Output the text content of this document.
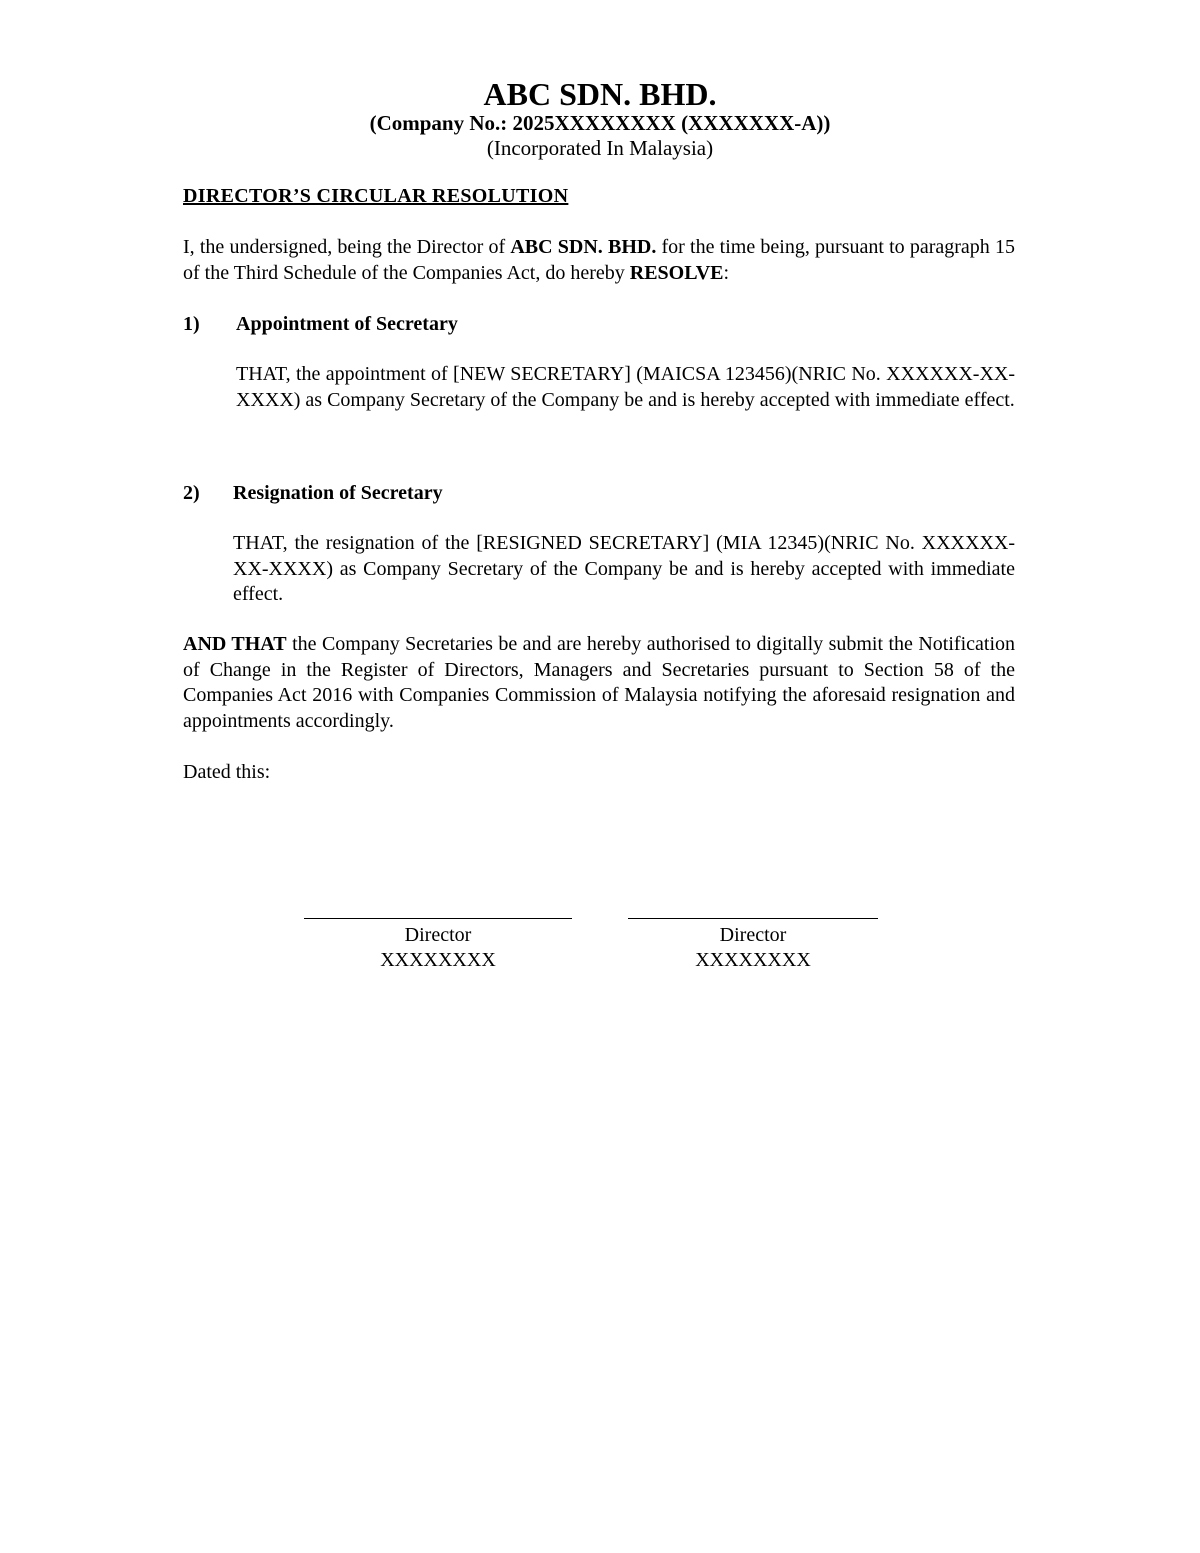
ABC SDN. BHD.
(Company No.: 2025XXXXXXXX (XXXXXXX-A))
(Incorporated In Malaysia)
DIRECTOR’S CIRCULAR RESOLUTION
I, the undersigned, being the Director of ABC SDN. BHD. for the time being, pursuant to paragraph 15 of the Third Schedule of the Companies Act, do hereby RESOLVE:
1) Appointment of Secretary
THAT, the appointment of [NEW SECRETARY] (MAICSA 123456)(NRIC No. XXXXXX-XX-XXXX) as Company Secretary of the Company be and is hereby accepted with immediate effect.
2) Resignation of Secretary
THAT, the resignation of the [RESIGNED SECRETARY] (MIA 12345)(NRIC No. XXXXXX-XX-XXXX) as Company Secretary of the Company be and is hereby accepted with immediate effect.
AND THAT the Company Secretaries be and are hereby authorised to digitally submit the Notification of Change in the Register of Directors, Managers and Secretaries pursuant to Section 58 of the Companies Act 2016 with Companies Commission of Malaysia notifying the aforesaid resignation and appointments accordingly.
Dated this:
Director
XXXXXXXX
Director
XXXXXXXX
